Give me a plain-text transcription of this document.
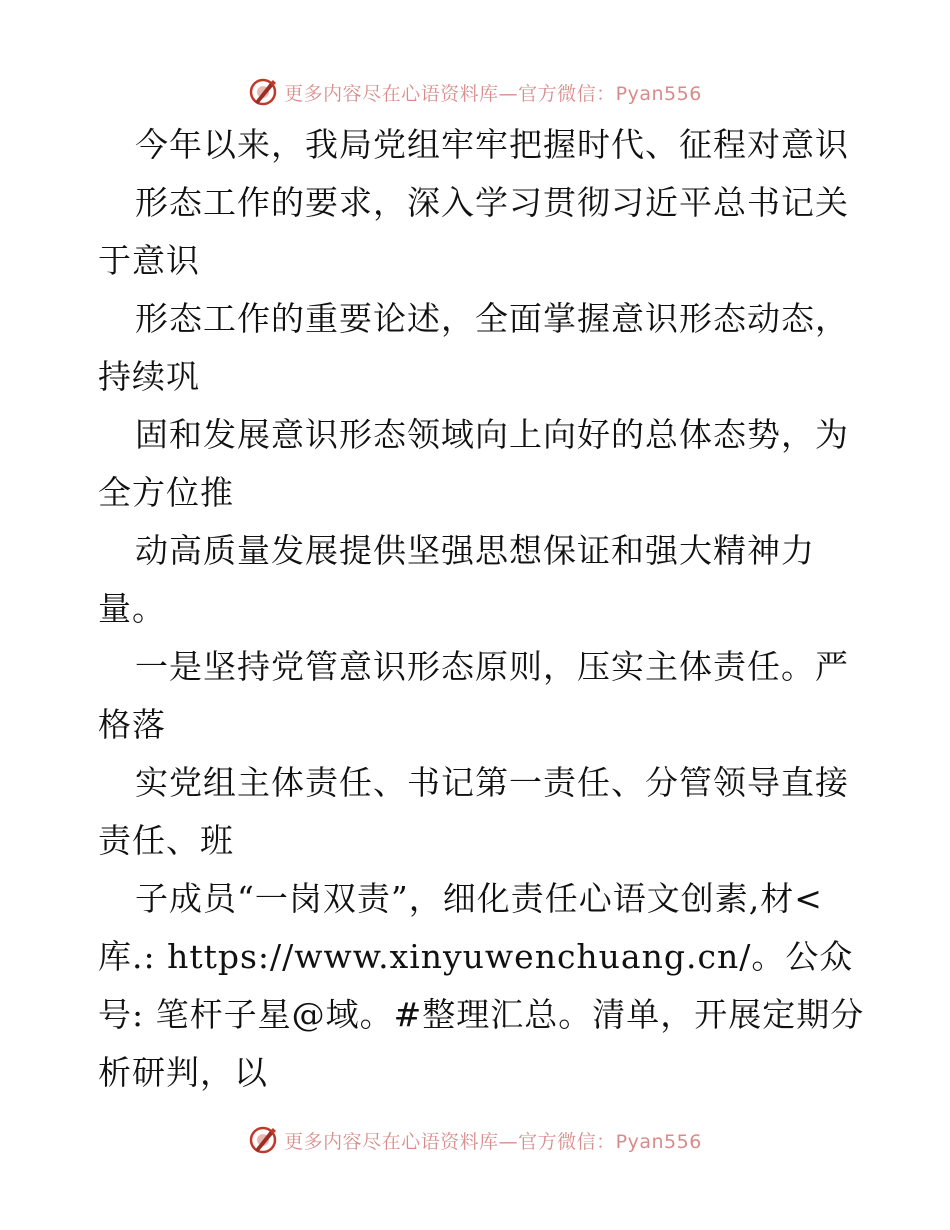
更多内容尽在心语资料库—官方微信：Pyan556
今年以来，我局党组牢牢把握时代、征程对意识
形态工作的要求，深入学习贯彻习近平总书记关
于意识
形态工作的重要论述，全面掌握意识形态动态，
持续巩
固和发展意识形态领域向上向好的总体态势，为
全方位推
动高质量发展提供坚强思想保证和强大精神力
量。
一是坚持党管意识形态原则，压实主体责任。严
格落
实党组主体责任、书记第一责任、分管领导直接
责任、班
子成员“一岗双责”，细化责任心语文创素,材<
库.: https://www.xinyuwenchuang.cn/。公众
号: 笔杆子星@域。#整理汇总。清单，开展定期分
析研判，以
更多内容尽在心语资料库—官方微信：Pyan556
